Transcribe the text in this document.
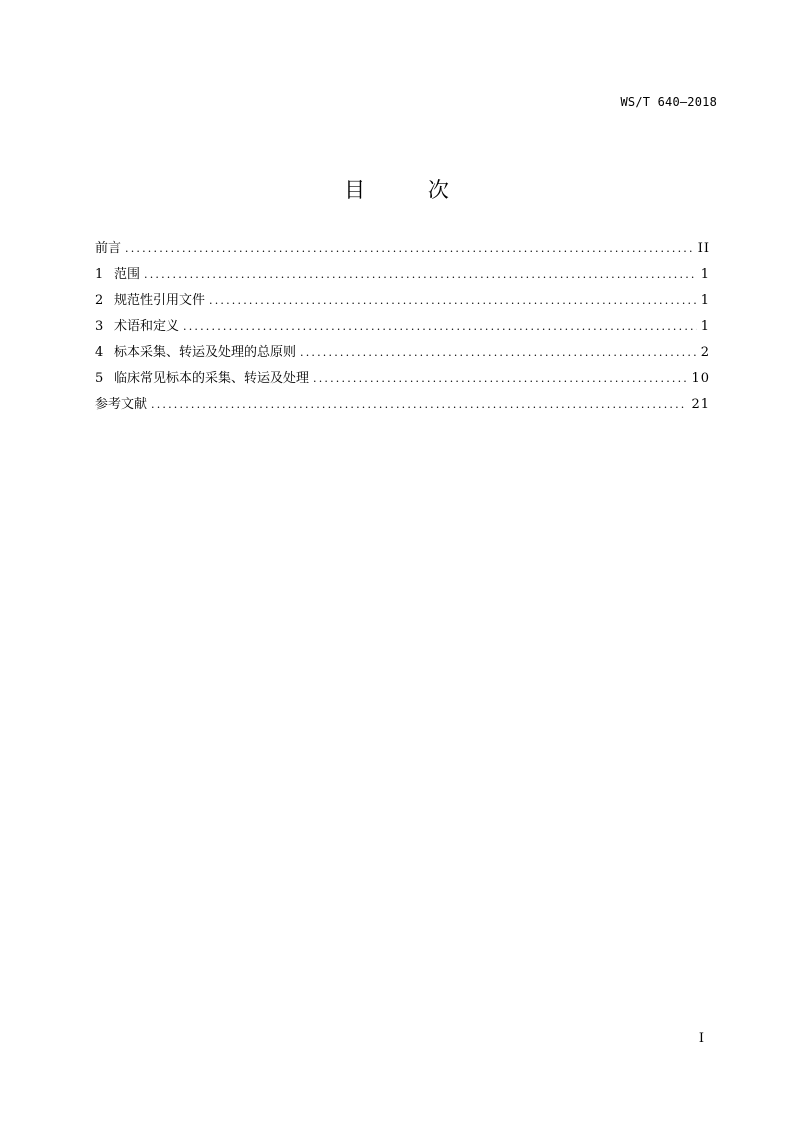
WS/T 640—2018
目 次
前言 .....	II
1 范围 .....	1
2 规范性引用文件 .....	1
3 术语和定义 .....	1
4 标本采集、转运及处理的总原则 .....	2
5 临床常见标本的采集、转运及处理 .....	10
参考文献 .....	21
I
